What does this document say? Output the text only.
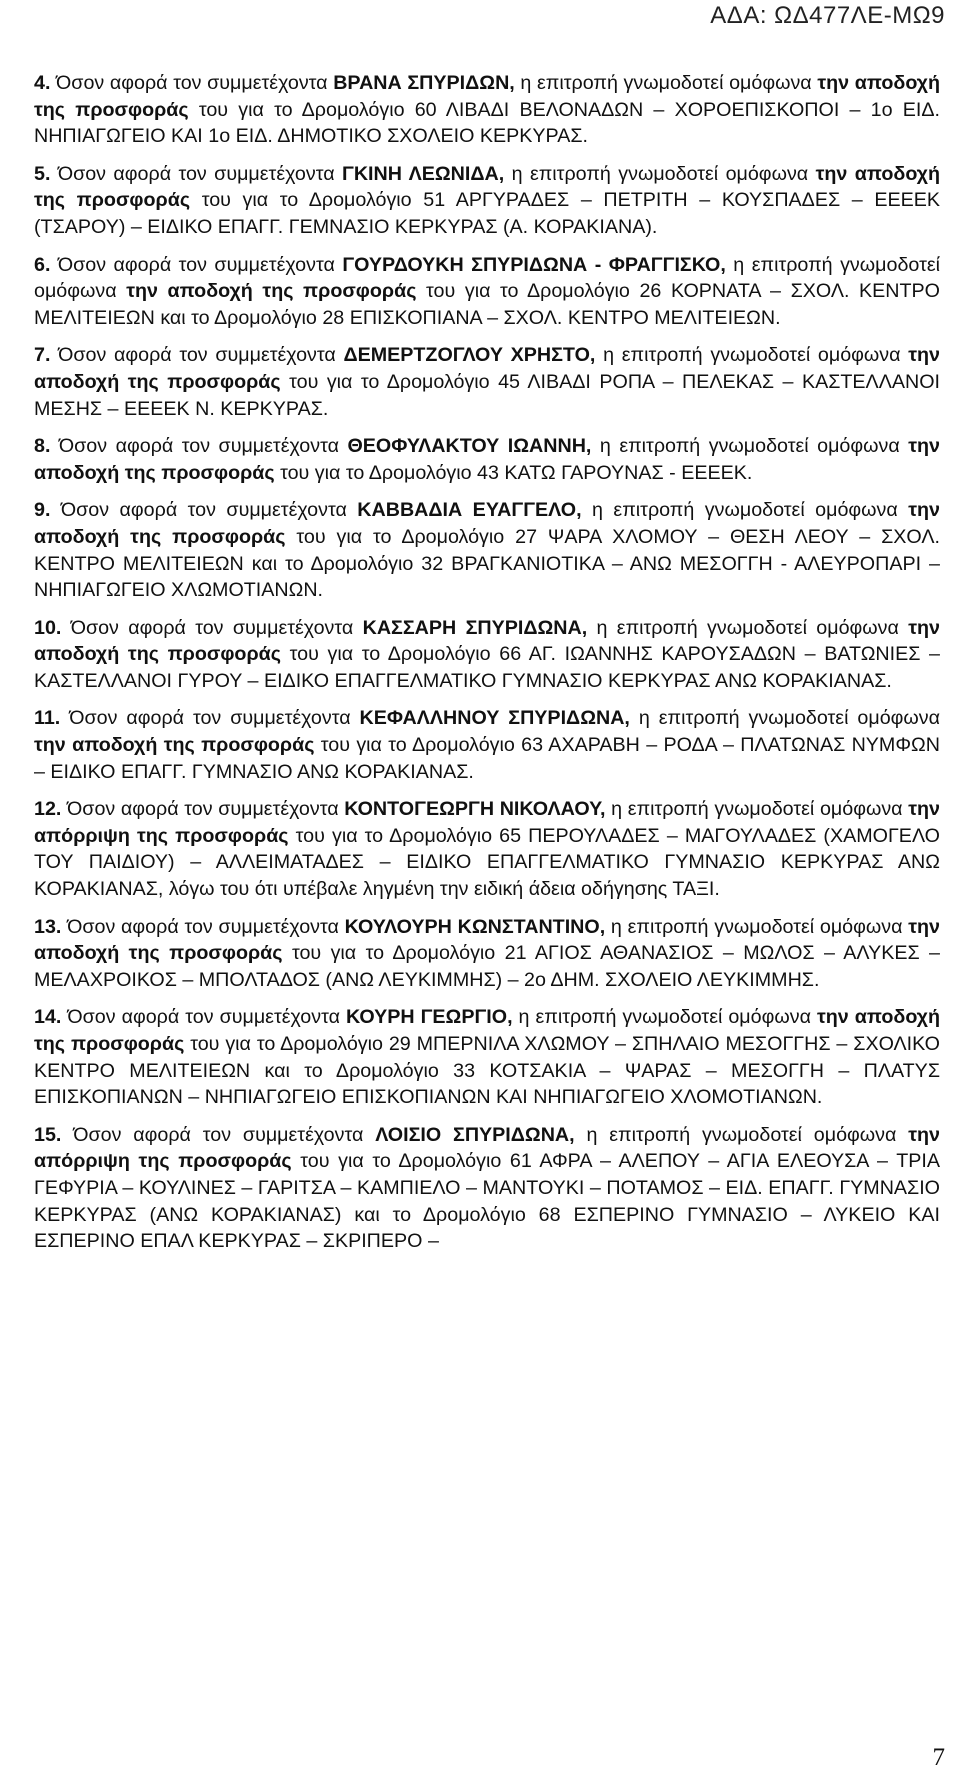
ΑΔΑ: ΩΔ477ΛΕ-ΜΩ9

4. Όσον αφορά τον συμμετέχοντα ΒΡΑΝΑ ΣΠΥΡΙΔΩΝ, η επιτροπή γνωμοδοτεί ομόφωνα την αποδοχή της προσφοράς του για το Δρομολόγιο 60 ΛΙΒΑΔΙ ΒΕΛΟΝΑΔΩΝ – ΧΟΡΟΕΠΙΣΚΟΠΟΙ – 1ο ΕΙΔ. ΝΗΠΙΑΓΩΓΕΙΟ ΚΑΙ 1ο ΕΙΔ. ΔΗΜΟΤΙΚΟ ΣΧΟΛΕΙΟ ΚΕΡΚΥΡΑΣ.

5. Όσον αφορά τον συμμετέχοντα ΓΚΙΝΗ ΛΕΩΝΙΔΑ, η επιτροπή γνωμοδοτεί ομόφωνα την αποδοχή της προσφοράς του για το Δρομολόγιο 51 ΑΡΓΥΡΑΔΕΣ – ΠΕΤΡΙΤΗ – ΚΟΥΣΠΑΔΕΣ – ΕΕΕΕΚ (ΤΣΑΡΟΥ) – ΕΙΔΙΚΟ ΕΠΑΓΓ. ΓΕΜΝΑΣΙΟ ΚΕΡΚΥΡΑΣ (Α. ΚΟΡΑΚΙΑΝΑ).

6. Όσον αφορά τον συμμετέχοντα ΓΟΥΡΔΟΥΚΗ ΣΠΥΡΙΔΩΝΑ - ΦΡΑΓΓΙΣΚΟ, η επιτροπή γνωμοδοτεί ομόφωνα την αποδοχή της προσφοράς του για το Δρομολόγιο 26 ΚΟΡΝΑΤΑ – ΣΧΟΛ. ΚΕΝΤΡΟ ΜΕΛΙΤΕΙΕΩΝ και το Δρομολόγιο 28 ΕΠΙΣΚΟΠΙΑΝΑ – ΣΧΟΛ. ΚΕΝΤΡΟ ΜΕΛΙΤΕΙΕΩΝ.

7. Όσον αφορά τον συμμετέχοντα ΔΕΜΕΡΤΖΟΓΛΟΥ ΧΡΗΣΤΟ, η επιτροπή γνωμοδοτεί ομόφωνα την αποδοχή της προσφοράς του για το Δρομολόγιο 45 ΛΙΒΑΔΙ ΡΟΠΑ – ΠΕΛΕΚΑΣ – ΚΑΣΤΕΛΛΑΝΟΙ ΜΕΣΗΣ – ΕΕΕΕΚ Ν. ΚΕΡΚΥΡΑΣ.

8. Όσον αφορά τον συμμετέχοντα ΘΕΟΦΥΛΑΚΤΟΥ ΙΩΑΝΝΗ, η επιτροπή γνωμοδοτεί ομόφωνα την αποδοχή της προσφοράς του για το Δρομολόγιο 43 ΚΑΤΩ ΓΑΡΟΥΝΑΣ - ΕΕΕΕΚ.

9. Όσον αφορά τον συμμετέχοντα ΚΑΒΒΑΔΙΑ ΕΥΑΓΓΕΛΟ, η επιτροπή γνωμοδοτεί ομόφωνα την αποδοχή της προσφοράς του για το Δρομολόγιο 27 ΨΑΡΑ ΧΛΟΜΟΥ – ΘΕΣΗ ΛΕΟΥ – ΣΧΟΛ. ΚΕΝΤΡΟ ΜΕΛΙΤΕΙΕΩΝ και το Δρομολόγιο 32 ΒΡΑΓΚΑΝΙΟΤΙΚΑ – ΑΝΩ ΜΕΣΟΓΓΗ - ΑΛΕΥΡΟΠΑΡΙ – ΝΗΠΙΑΓΩΓΕΙΟ ΧΛΩΜΟΤΙΑΝΩΝ.

10. Όσον αφορά τον συμμετέχοντα ΚΑΣΣΑΡΗ ΣΠΥΡΙΔΩΝΑ, η επιτροπή γνωμοδοτεί ομόφωνα την αποδοχή της προσφοράς του για το Δρομολόγιο 66 ΑΓ. ΙΩΑΝΝΗΣ ΚΑΡΟΥΣΑΔΩΝ – ΒΑΤΩΝΙΕΣ – ΚΑΣΤΕΛΛΑΝΟΙ ΓΥΡΟΥ – ΕΙΔΙΚΟ ΕΠΑΓΓΕΛΜΑΤΙΚΟ ΓΥΜΝΑΣΙΟ ΚΕΡΚΥΡΑΣ ΑΝΩ ΚΟΡΑΚΙΑΝΑΣ.

11. Όσον αφορά τον συμμετέχοντα ΚΕΦΑΛΛΗΝΟΥ ΣΠΥΡΙΔΩΝΑ, η επιτροπή γνωμοδοτεί ομόφωνα την αποδοχή της προσφοράς του για το Δρομολόγιο 63 ΑΧΑΡΑΒΗ – ΡΟΔΑ – ΠΛΑΤΩΝΑΣ ΝΥΜΦΩΝ – ΕΙΔΙΚΟ ΕΠΑΓΓ. ΓΥΜΝΑΣΙΟ ΑΝΩ ΚΟΡΑΚΙΑΝΑΣ.

12. Όσον αφορά τον συμμετέχοντα ΚΟΝΤΟΓΕΩΡΓΗ ΝΙΚΟΛΑΟΥ, η επιτροπή γνωμοδοτεί ομόφωνα την απόρριψη της προσφοράς του για το Δρομολόγιο 65 ΠΕΡΟΥΛΑΔΕΣ – ΜΑΓΟΥΛΑΔΕΣ (ΧΑΜΟΓΕΛΟ ΤΟΥ ΠΑΙΔΙΟΥ) – ΑΛΛΕΙΜΑΤΑΔΕΣ – ΕΙΔΙΚΟ ΕΠΑΓΓΕΛΜΑΤΙΚΟ ΓΥΜΝΑΣΙΟ ΚΕΡΚΥΡΑΣ ΑΝΩ ΚΟΡΑΚΙΑΝΑΣ, λόγω του ότι υπέβαλε ληγμένη την ειδική άδεια οδήγησης ΤΑΞΙ.

13. Όσον αφορά τον συμμετέχοντα ΚΟΥΛΟΥΡΗ ΚΩΝΣΤΑΝΤΙΝΟ, η επιτροπή γνωμοδοτεί ομόφωνα την αποδοχή της προσφοράς του για το Δρομολόγιο 21 ΑΓΙΟΣ ΑΘΑΝΑΣΙΟΣ – ΜΩΛΟΣ – ΑΛΥΚΕΣ – ΜΕΛΑΧΡΟΙΚΟΣ – ΜΠΟΛΤΑΔΟΣ (ΑΝΩ ΛΕΥΚΙΜΜΗΣ) – 2ο ΔΗΜ. ΣΧΟΛΕΙΟ ΛΕΥΚΙΜΜΗΣ.

14. Όσον αφορά τον συμμετέχοντα ΚΟΥΡΗ ΓΕΩΡΓΙΟ, η επιτροπή γνωμοδοτεί ομόφωνα την αποδοχή της προσφοράς του για το Δρομολόγιο 29 ΜΠΕΡΝΙΛΑ ΧΛΩΜΟΥ – ΣΠΗΛΑΙΟ ΜΕΣΟΓΓΗΣ – ΣΧΟΛΙΚΟ ΚΕΝΤΡΟ ΜΕΛΙΤΕΙΕΩΝ και το Δρομολόγιο 33 ΚΟΤΣΑΚΙΑ – ΨΑΡΑΣ – ΜΕΣΟΓΓΗ – ΠΛΑΤΥΣ ΕΠΙΣΚΟΠΙΑΝΩΝ – ΝΗΠΙΑΓΩΓΕΙΟ ΕΠΙΣΚΟΠΙΑΝΩΝ ΚΑΙ ΝΗΠΙΑΓΩΓΕΙΟ ΧΛΟΜΟΤΙΑΝΩΝ.

15. Όσον αφορά τον συμμετέχοντα ΛΟΙΣΙΟ ΣΠΥΡΙΔΩΝΑ, η επιτροπή γνωμοδοτεί ομόφωνα την απόρριψη της προσφοράς του για το Δρομολόγιο 61 ΑΦΡΑ – ΑΛΕΠΟΥ – ΑΓΙΑ ΕΛΕΟΥΣΑ – ΤΡΙΑ ΓΕΦΥΡΙΑ – ΚΟΥΛΙΝΕΣ – ΓΑΡΙΤΣΑ – ΚΑΜΠΙΕΛΟ – ΜΑΝΤΟΥΚΙ – ΠΟΤΑΜΟΣ – ΕΙΔ. ΕΠΑΓΓ. ΓΥΜΝΑΣΙΟ ΚΕΡΚΥΡΑΣ (ΑΝΩ ΚΟΡΑΚΙΑΝΑΣ) και το Δρομολόγιο 68 ΕΣΠΕΡΙΝΟ ΓΥΜΝΑΣΙΟ – ΛΥΚΕΙΟ ΚΑΙ ΕΣΠΕΡΙΝΟ ΕΠΑΛ ΚΕΡΚΥΡΑΣ – ΣΚΡΙΠΕΡΟ –

7
